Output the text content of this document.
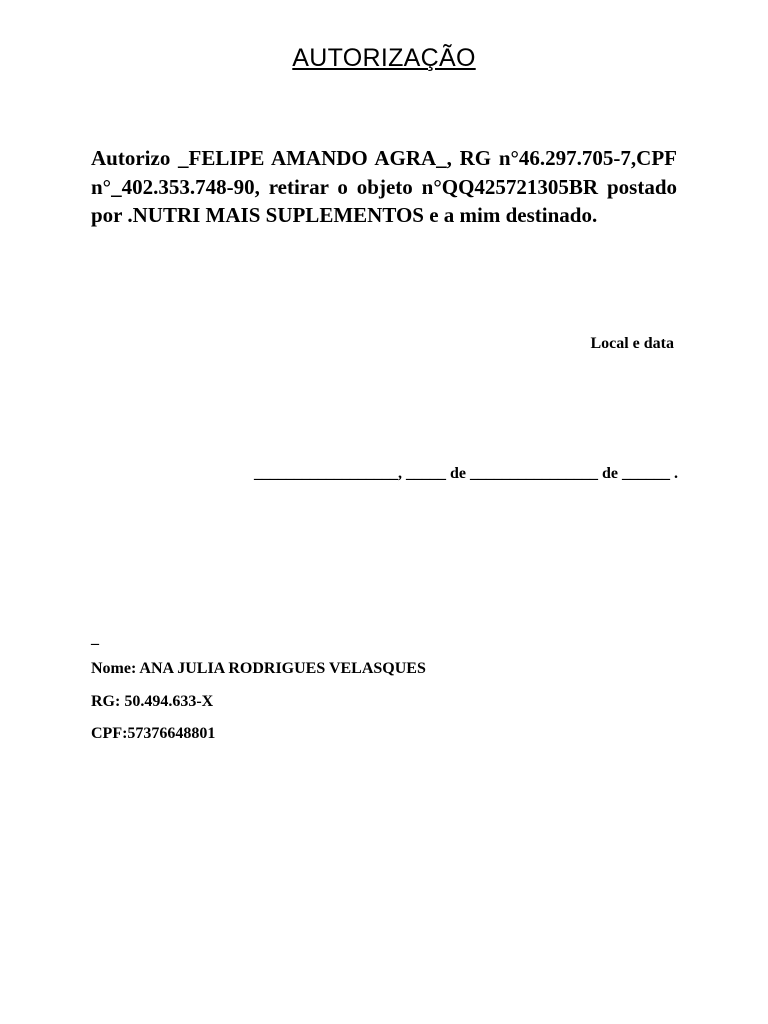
AUTORIZAÇÃO

Autorizo _FELIPE AMANDO AGRA_, RG n°46.297.705-7,CPF n°_402.353.748-90, retirar o objeto n°QQ425721305BR postado por .NUTRI MAIS SUPLEMENTOS e a mim destinado.

Local e data

__________________, _____ de ________________ de ______ .

_

Nome: ANA JULIA RODRIGUES VELASQUES

RG: 50.494.633-X

CPF:57376648801
